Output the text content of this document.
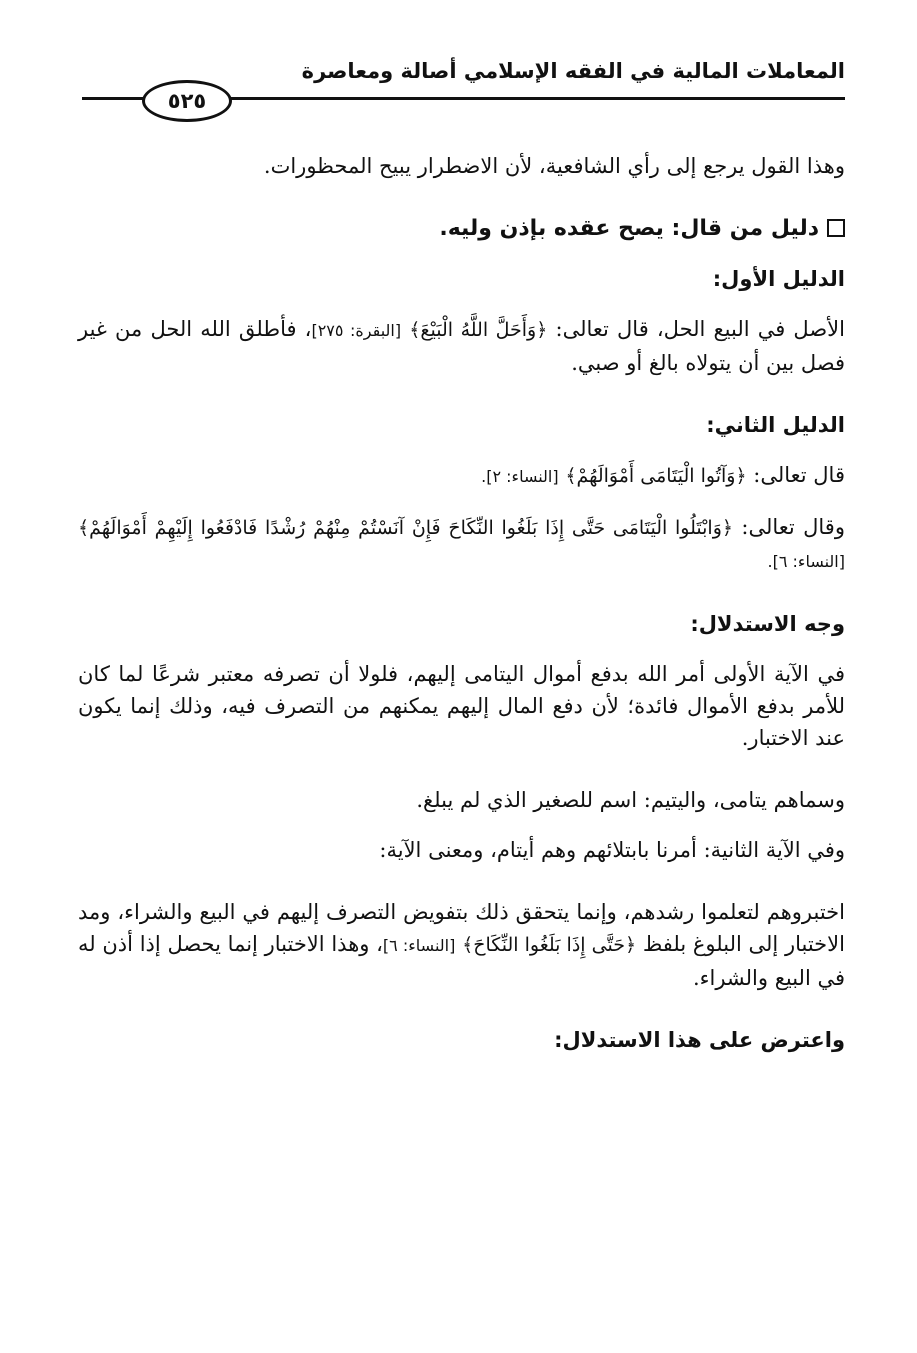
المعاملات المالية في الفقه الإسلامي أصالة ومعاصرة
٥٢٥

وهذا القول يرجع إلى رأي الشافعية، لأن الاضطرار يبيح المحظورات.

دليل من قال: يصح عقده بإذن وليه.

الدليل الأول:

الأصل في البيع الحل، قال تعالى: ﴿وَأَحَلَّ اللَّهُ الْبَيْعَ﴾ [البقرة: ٢٧٥]، فأطلق الله الحل من غير فصل بين أن يتولاه بالغ أو صبي.

الدليل الثاني:

قال تعالى: ﴿وَآتُوا الْيَتَامَى أَمْوَالَهُمْ﴾ [النساء: ٢].

وقال تعالى: ﴿وَابْتَلُوا الْيَتَامَى حَتَّى إِذَا بَلَغُوا النِّكَاحَ فَإِنْ آنَسْتُمْ مِنْهُمْ رُشْدًا فَادْفَعُوا إِلَيْهِمْ أَمْوَالَهُمْ﴾ [النساء: ٦].

وجه الاستدلال:

في الآية الأولى أمر الله بدفع أموال اليتامى إليهم، فلولا أن تصرفه معتبر شرعًا لما كان للأمر بدفع الأموال فائدة؛ لأن دفع المال إليهم يمكنهم من التصرف فيه، وذلك إنما يكون عند الاختبار.

وسماهم يتامى، واليتيم: اسم للصغير الذي لم يبلغ.

وفي الآية الثانية: أمرنا بابتلائهم وهم أيتام، ومعنى الآية:

اختبروهم لتعلموا رشدهم، وإنما يتحقق ذلك بتفويض التصرف إليهم في البيع والشراء، ومد الاختبار إلى البلوغ بلفظ ﴿حَتَّى إِذَا بَلَغُوا النِّكَاحَ﴾ [النساء: ٦]، وهذا الاختبار إنما يحصل إذا أذن له في البيع والشراء.

واعترض على هذا الاستدلال:
